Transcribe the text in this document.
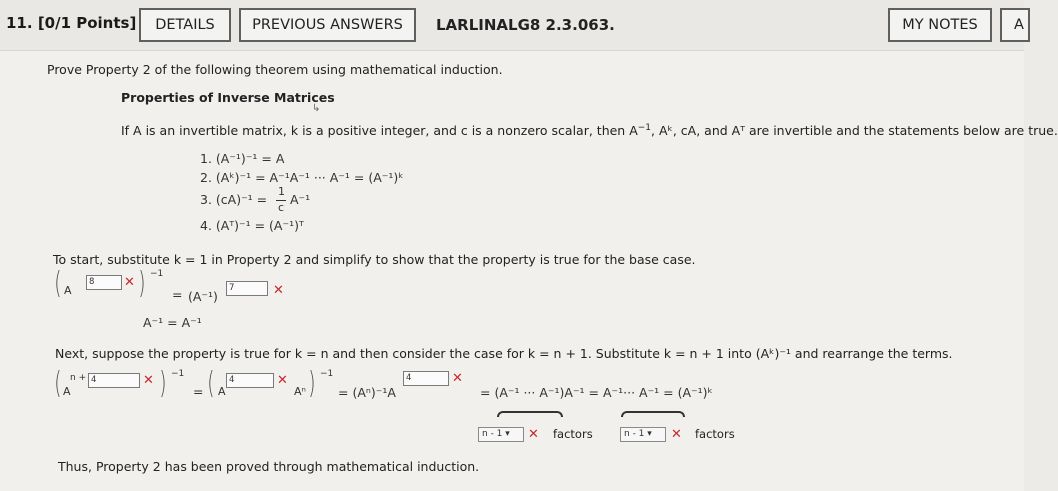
11. [0/1 Points]	DETAILS	PREVIOUS ANSWERS	LARLINALG8 2.3.063.	MY NOTES	A
Prove Property 2 of the following theorem using mathematical induction.
Properties of Inverse Matrices
↳
If A is an invertible matrix, k is a positive integer, and c is a nonzero scalar, then $A^{-1}$, Aᵏ, cA, and Aᵀ are invertible and the statements below are true.
1. (A⁻¹)⁻¹ = A
2. (Aᵏ)⁻¹ = A⁻¹A⁻¹ ··· A⁻¹ = (A⁻¹)ᵏ
3. (cA)⁻¹ =
1
c
A⁻¹
4. (Aᵀ)⁻¹ = (A⁻¹)ᵀ
To start, substitute k = 1 in Property 2 and simplify to show that the property is true for the base case.
( A
8	✕ ) −1
= (A⁻¹)
7	✕
A⁻¹ = A⁻¹
Next, suppose the property is true for k = n and then consider the case for k = n + 1. Substitute k = n + 1 into (Aᵏ)⁻¹ and rearrange the terms.
( A
n + 4	✕ ) −1
= ( A
4	✕
Aⁿ ) −1
= (Aⁿ)⁻¹A
4	✕
= (A⁻¹ ··· A⁻¹)A⁻¹ = A⁻¹··· A⁻¹ = (A⁻¹)ᵏ
n - 1 ▾	✕ factors	n - 1 ▾	✕ factors
Thus, Property 2 has been proved through mathematical induction.
